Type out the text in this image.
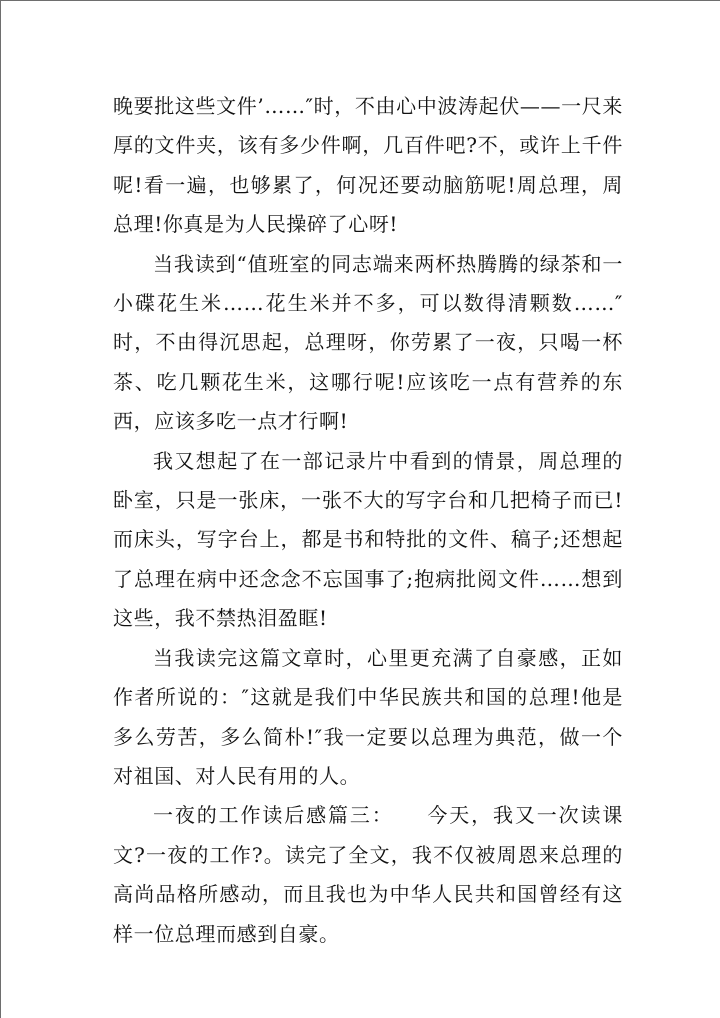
晚要批这些文件’……″时，不由心中波涛起伏——一尺来厚的文件夹，该有多少件啊，几百件吧?不，或许上千件呢!看一遍，也够累了，何况还要动脑筋呢!周总理，周总理!你真是为人民操碎了心呀!

当我读到“值班室的同志端来两杯热腾腾的绿茶和一小碟花生米……花生米并不多，可以数得清颗数……″时，不由得沉思起，总理呀，你劳累了一夜，只喝一杯茶、吃几颗花生米，这哪行呢!应该吃一点有营养的东西，应该多吃一点才行啊!

我又想起了在一部记录片中看到的情景，周总理的卧室，只是一张床，一张不大的写字台和几把椅子而已!而床头，写字台上，都是书和特批的文件、稿子;还想起了总理在病中还念念不忘国事了;抱病批阅文件……想到这些，我不禁热泪盈眶!

当我读完这篇文章时，心里更充满了自豪感，正如作者所说的：″这就是我们中华民族共和国的总理!他是多么劳苦，多么简朴!″我一定要以总理为典范，做一个对祖国、对人民有用的人。

一夜的工作读后感篇三：　　今天，我又一次读课文?一夜的工作?。读完了全文，我不仅被周恩来总理的高尚品格所感动，而且我也为中华人民共和国曾经有这样一位总理而感到自豪。
